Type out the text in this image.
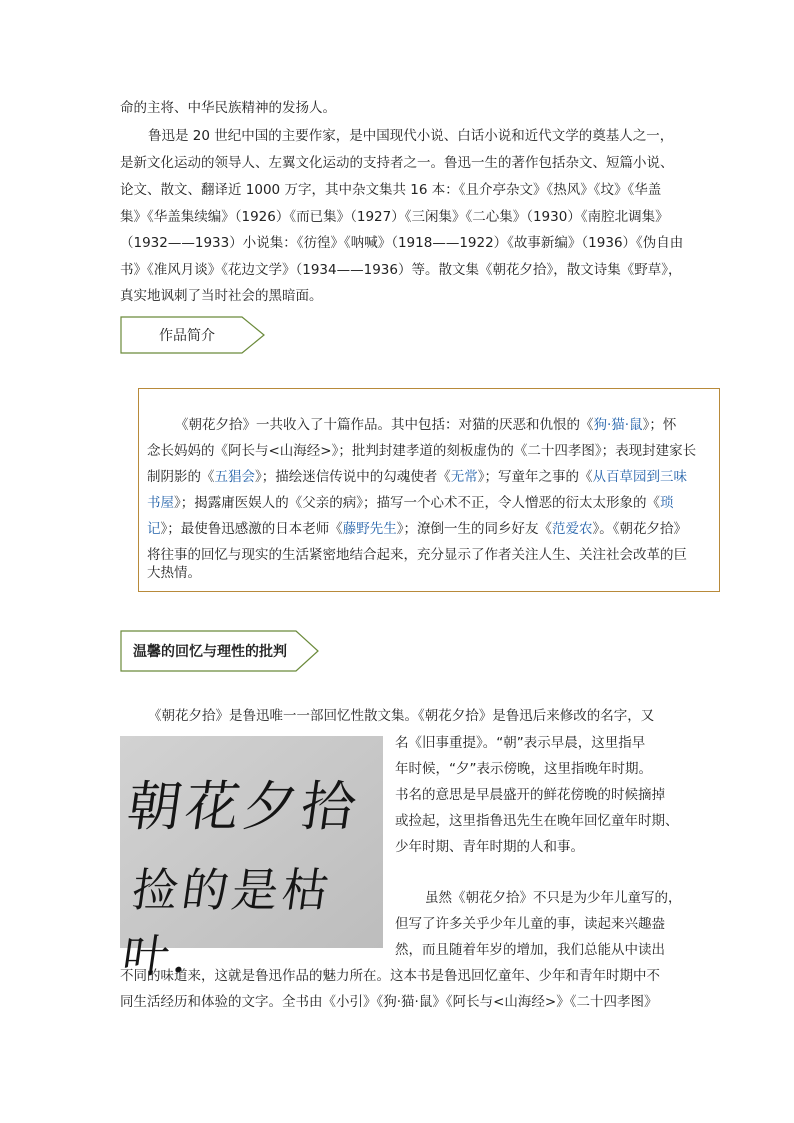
命的主将、中华民族精神的发扬人。
鲁迅是 20 世纪中国的主要作家，是中国现代小说、白话小说和近代文学的奠基人之一，
是新文化运动的领导人、左翼文化运动的支持者之一。鲁迅一生的著作包括杂文、短篇小说、
论文、散文、翻译近 1000 万字，其中杂文集共 16 本：《且介亭杂文》《热风》《坟》《华盖
集》《华盖集续编》（1926）《而已集》（1927）《三闲集》《二心集》（1930）《南腔北调集》
（1932——1933）小说集：《彷徨》《呐喊》（1918——1922）《故事新编》（1936）《伪自由
书》《准风月谈》《花边文学》（1934——1936）等。散文集《朝花夕拾》，散文诗集《野草》，
真实地讽刺了当时社会的黑暗面。
作品简介
《朝花夕拾》一共收入了十篇作品。其中包括：对猫的厌恶和仇恨的《狗·猫·鼠》；怀
念长妈妈的《阿长与<山海经>》；批判封建孝道的刻板虚伪的《二十四孝图》；表现封建家长
制阴影的《五猖会》；描绘迷信传说中的勾魂使者《无常》；写童年之事的《从百草园到三味
书屋》；揭露庸医娱人的《父亲的病》；描写一个心术不正，令人憎恶的衍太太形象的《琐
记》；最使鲁迅感激的日本老师《藤野先生》；潦倒一生的同乡好友《范爱农》。《朝花夕拾》
将往事的回忆与现实的生活紧密地结合起来，充分显示了作者关注人生、关注社会改革的巨
大热情。
温馨的回忆与理性的批判
《朝花夕拾》是鲁迅唯一一部回忆性散文集。《朝花夕拾》是鲁迅后来修改的名字，又
名《旧事重提》。“朝”表示早晨，这里指早
年时候，“夕”表示傍晚，这里指晚年时期。
书名的意思是早晨盛开的鲜花傍晚的时候摘掉
或捡起，这里指鲁迅先生在晚年回忆童年时期、
少年时期、青年时期的人和事。
虽然《朝花夕拾》不只是为少年儿童写的，
但写了许多关乎少年儿童的事，读起来兴趣盎
然，而且随着年岁的增加，我们总能从中读出
不同的味道来，这就是鲁迅作品的魅力所在。这本书是鲁迅回忆童年、少年和青年时期中不
同生活经历和体验的文字。全书由《小引》《狗·猫·鼠》《阿长与<山海经>》《二十四孝图》
朝花夕拾
捡的是枯叶.
